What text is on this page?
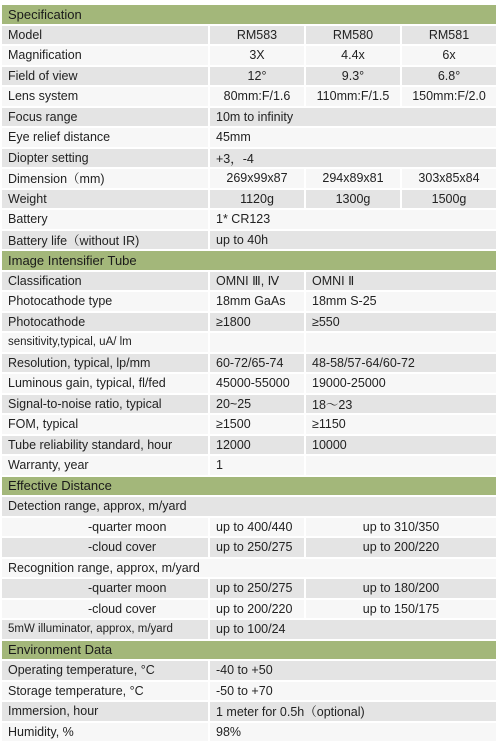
Specification			
Model	RM583	RM580	RM581
Magnification	3X	4.4x	6x
Field of view	12°	9.3°	6.8°
Lens system	80mm:F/1.6	110mm:F/1.5	150mm:F/2.0
Focus range	10m to infinity		
Eye relief distance	45mm		
Diopter setting	+3，-4		
Dimension（mm)	269x99x87	294x89x81	303x85x84
Weight	1120g	1300g	1500g
Battery	1* CR123		
Battery life（without IR)	up to 40h		
Image Intensifier Tube			
Classification	OMNI Ⅲ, Ⅳ	OMNI Ⅱ	
Photocathode type	18mm GaAs	18mm S-25	
Photocathode	≥1800	≥550	
sensitivity,typical, uA/ lm			
Resolution, typical, lp/mm	60-72/65-74	48-58/57-64/60-72	
Luminous gain, typical, fl/fed	45000-55000	19000-25000	
Signal-to-noise ratio, typical	20~25	18～23	
FOM, typical	≥1500	≥1150	
Tube reliability standard, hour	12000	10000	
Warranty, year	1		
Effective Distance			
Detection range, approx, m/yard			
-quarter moon	up to 400/440	up to 310/350	
-cloud cover	up to 250/275	up to 200/220	
Recognition range, approx, m/yard			
-quarter moon	up to 250/275	up to 180/200	
-cloud cover	up to 200/220	up to 150/175	
5mW illuminator, approx, m/yard	up to 100/24		
Environment Data			
Operating temperature, °C	-40 to +50		
Storage temperature, °C	-50 to +70		
Immersion, hour	1 meter for 0.5h（optional)		
Humidity, %	98%		
